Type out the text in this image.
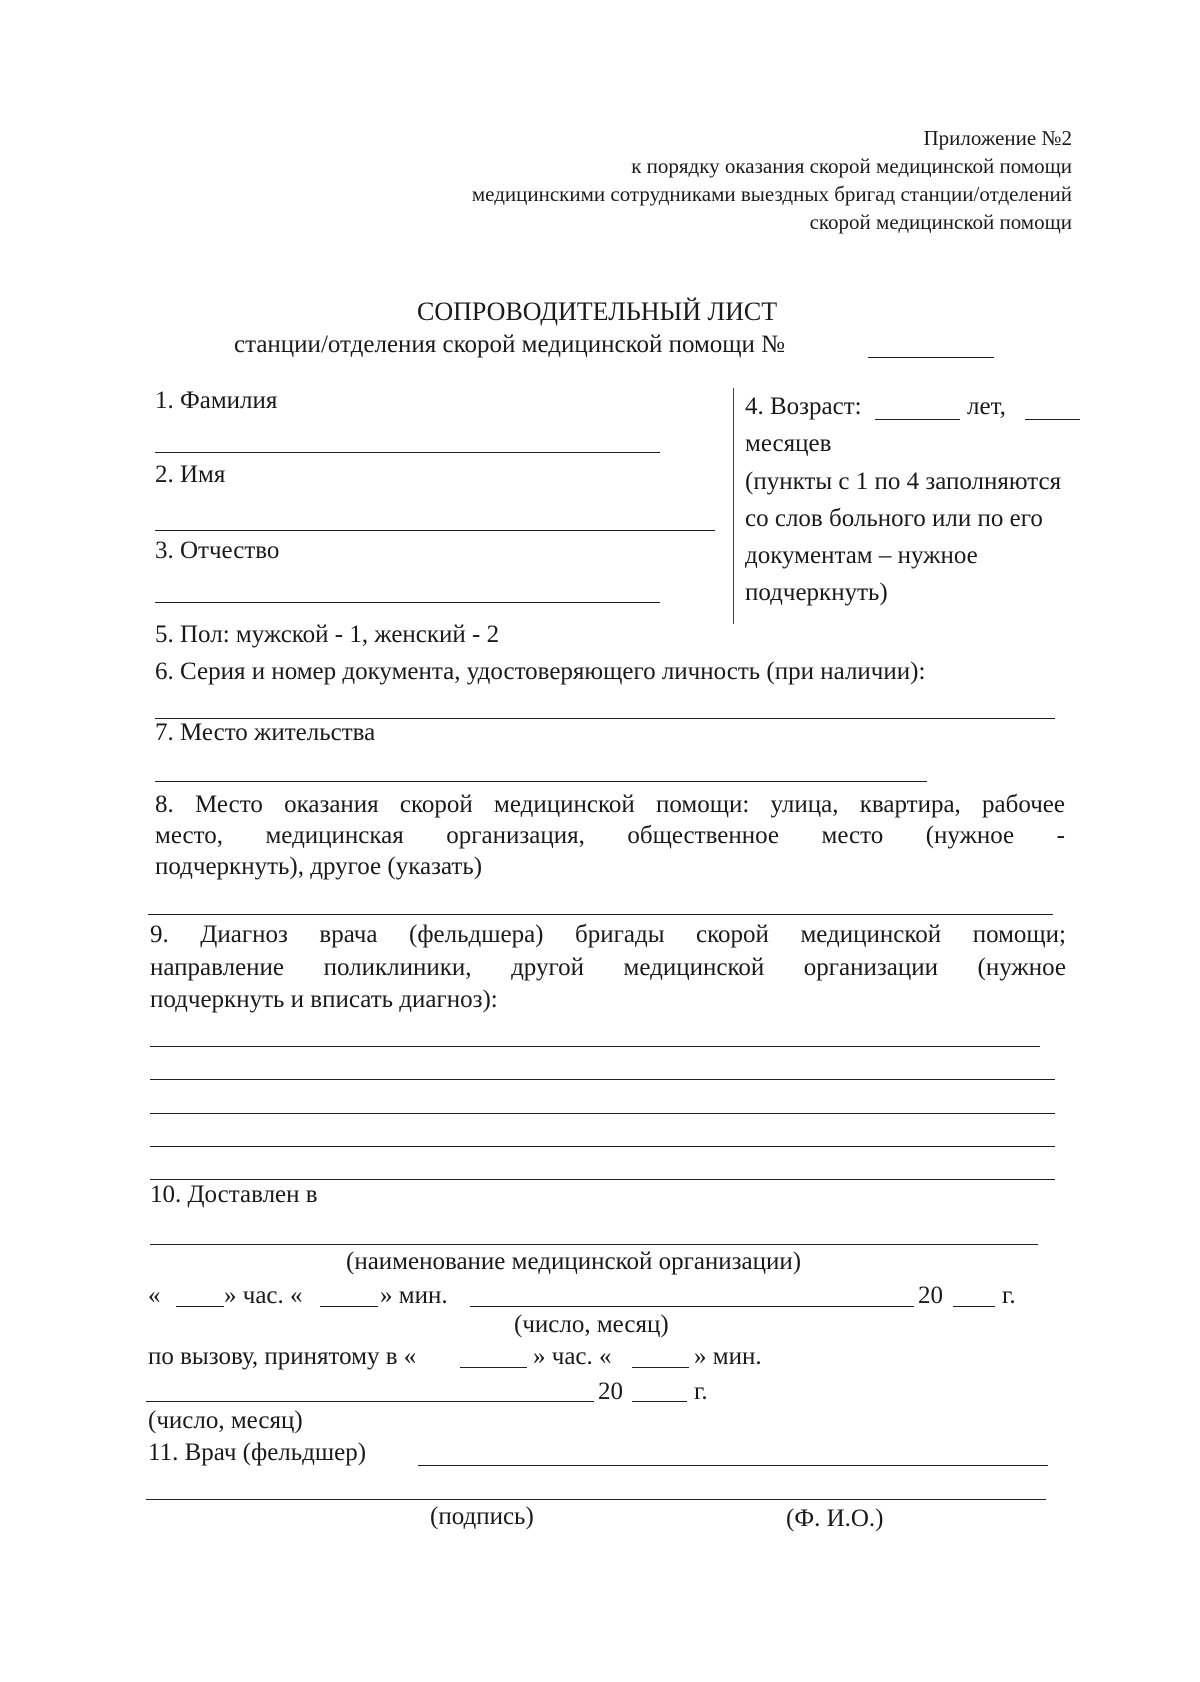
Приложение №2
к порядку оказания скорой медицинской помощи
медицинскими сотрудниками выездных бригад станции/отделений
скорой медицинской помощи
СОПРОВОДИТЕЛЬНЫЙ ЛИСТ
станции/отделения скорой медицинской помощи №
1. Фамилия
2. Имя
3. Отчество
4. Возраст:	лет,
месяцев
(пункты с 1 по 4 заполняются
со слов больного или по его
документам – нужное
подчеркнуть)
5. Пол: мужской - 1, женский - 2
6. Серия и номер документа, удостоверяющего личность (при наличии):
7. Место жительства
8. Место оказания скорой медицинской помощи: улица, квартира, рабочее
место, медицинская организация, общественное место (нужное -
подчеркнуть), другое (указать)
9. Диагноз врача (фельдшера) бригады скорой медицинской помощи;
направление поликлиники, другой медицинской организации (нужное
подчеркнуть и вписать диагноз):
10. Доставлен в
(наименование медицинской организации)
«	» час. «	» мин.	20 г.
(число, месяц)
по вызову, принятому в «	» час. «	» мин.
20	г.
(число, месяц)
11. Врач (фельдшер)
(подпись)	(Ф. И.О.)
